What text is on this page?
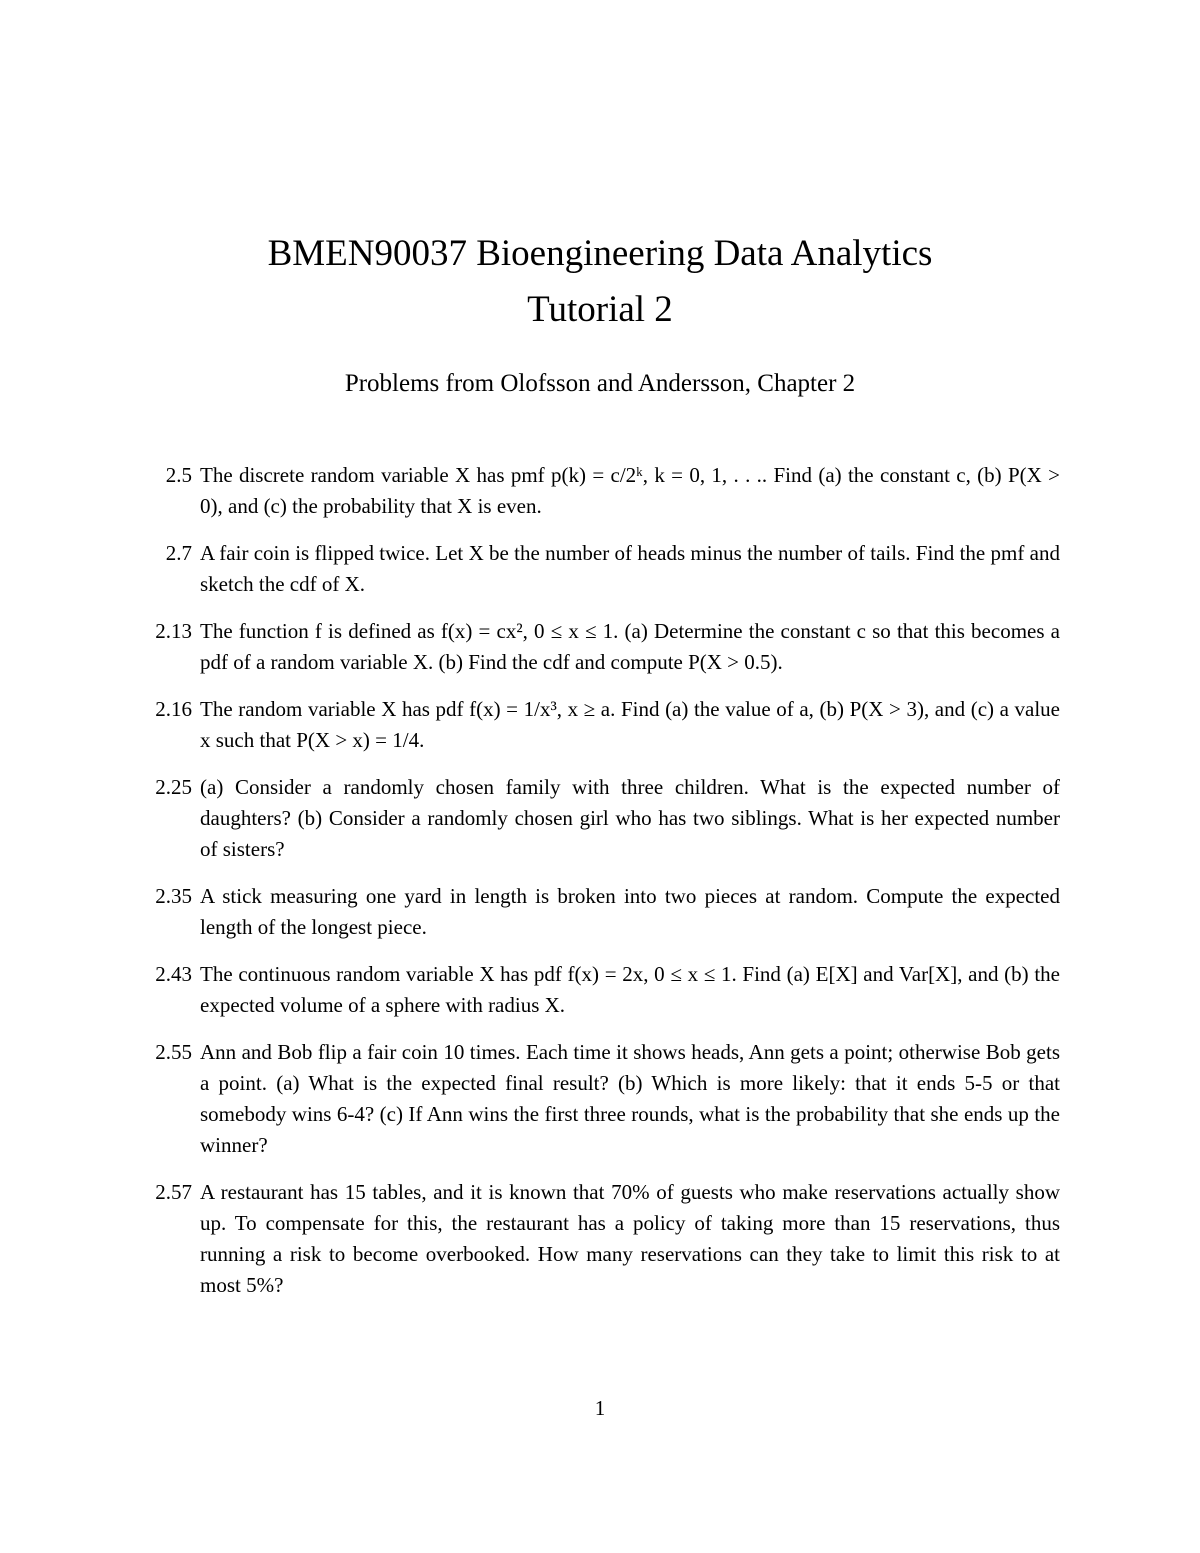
BMEN90037 Bioengineering Data Analytics
Tutorial 2
Problems from Olofsson and Andersson, Chapter 2
2.5 The discrete random variable X has pmf p(k) = c/2ᵏ, k = 0, 1, . . .. Find (a) the constant c, (b) P(X > 0), and (c) the probability that X is even.
2.7 A fair coin is flipped twice. Let X be the number of heads minus the number of tails. Find the pmf and sketch the cdf of X.
2.13 The function f is defined as f(x) = cx², 0 ≤ x ≤ 1. (a) Determine the constant c so that this becomes a pdf of a random variable X. (b) Find the cdf and compute P(X > 0.5).
2.16 The random variable X has pdf f(x) = 1/x³, x ≥ a. Find (a) the value of a, (b) P(X > 3), and (c) a value x such that P(X > x) = 1/4.
2.25 (a) Consider a randomly chosen family with three children. What is the expected number of daughters? (b) Consider a randomly chosen girl who has two siblings. What is her expected number of sisters?
2.35 A stick measuring one yard in length is broken into two pieces at random. Compute the expected length of the longest piece.
2.43 The continuous random variable X has pdf f(x) = 2x, 0 ≤ x ≤ 1. Find (a) E[X] and Var[X], and (b) the expected volume of a sphere with radius X.
2.55 Ann and Bob flip a fair coin 10 times. Each time it shows heads, Ann gets a point; otherwise Bob gets a point. (a) What is the expected final result? (b) Which is more likely: that it ends 5-5 or that somebody wins 6-4? (c) If Ann wins the first three rounds, what is the probability that she ends up the winner?
2.57 A restaurant has 15 tables, and it is known that 70% of guests who make reservations actually show up. To compensate for this, the restaurant has a policy of taking more than 15 reservations, thus running a risk to become overbooked. How many reservations can they take to limit this risk to at most 5%?
1
